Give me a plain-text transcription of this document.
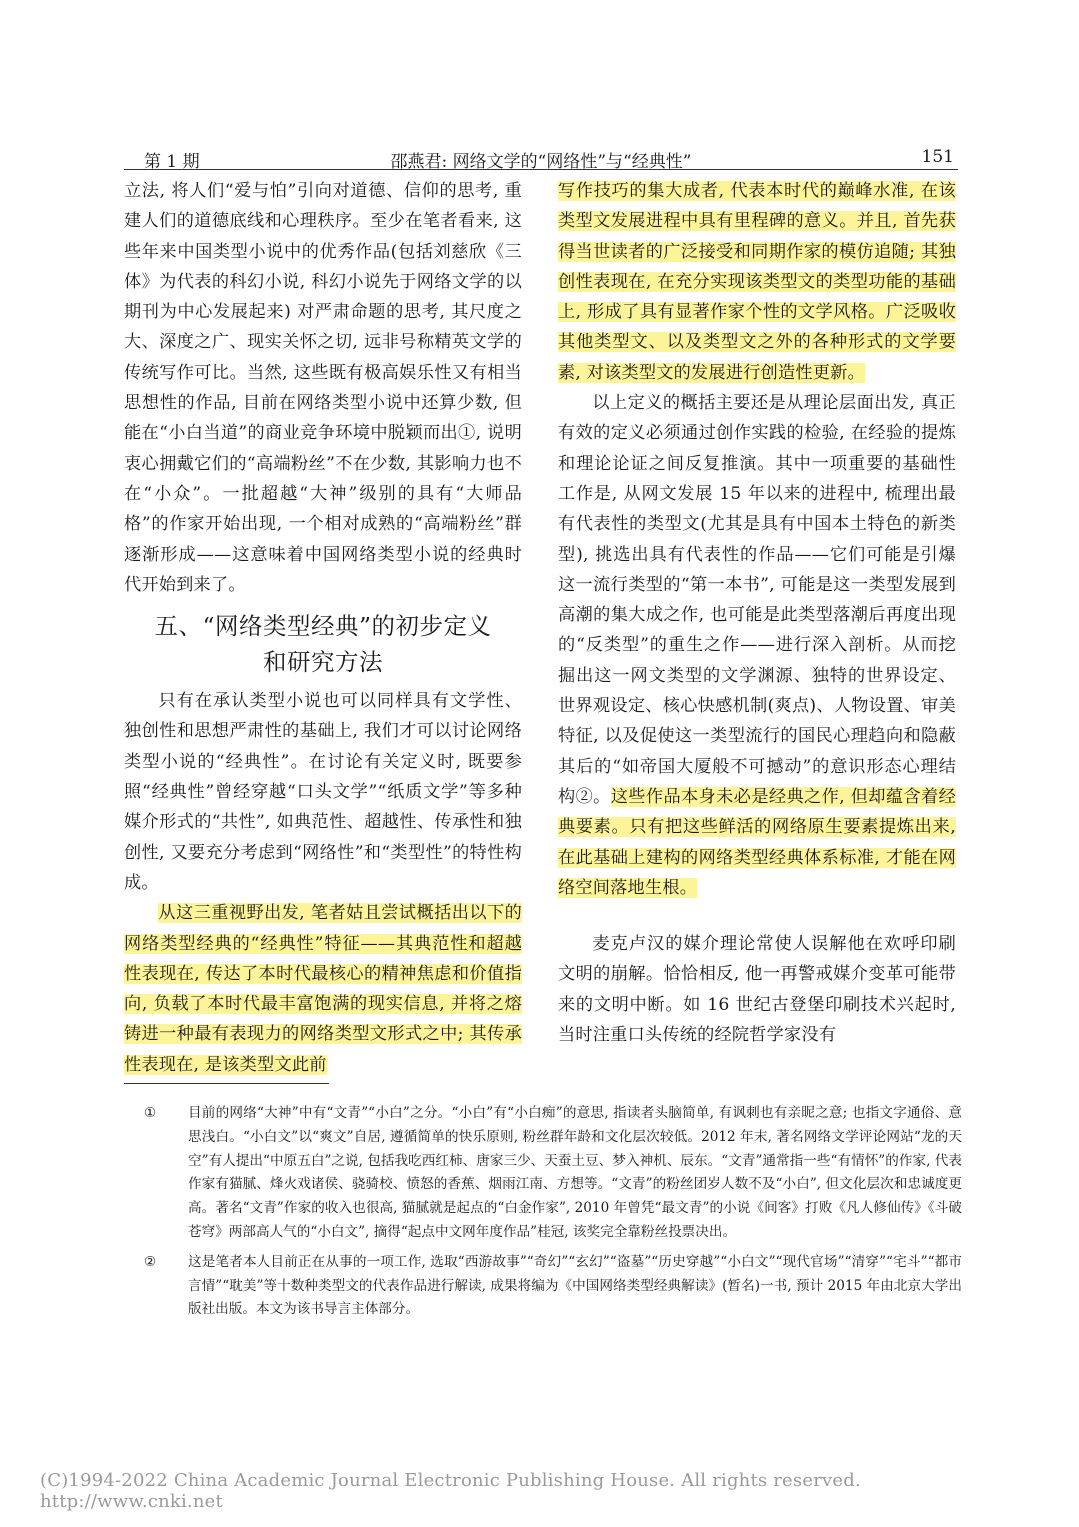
第 1 期	邵燕君: 网络文学的“网络性”与“经典性”	151

立法, 将人们“爱与怕”引向对道德、信仰的思考, 重建人们的道德底线和心理秩序。至少在笔者看来, 这些年来中国类型小说中的优秀作品(包括刘慈欣《三体》为代表的科幻小说, 科幻小说先于网络文学的以期刊为中心发展起来) 对严肃命题的思考, 其尺度之大、深度之广、现实关怀之切, 远非号称精英文学的传统写作可比。当然, 这些既有极高娱乐性又有相当思想性的作品, 目前在网络类型小说中还算少数, 但能在“小白当道”的商业竞争环境中脱颖而出①, 说明衷心拥戴它们的“高端粉丝”不在少数, 其影响力也不在“小众”。一批超越“大神”级别的具有“大师品格”的作家开始出现, 一个相对成熟的“高端粉丝”群逐渐形成——这意味着中国网络类型小说的经典时代开始到来了。

五、“网络类型经典”的初步定义
和研究方法

只有在承认类型小说也可以同样具有文学性、独创性和思想严肃性的基础上, 我们才可以讨论网络类型小说的“经典性”。在讨论有关定义时, 既要参照“经典性”曾经穿越“口头文学”“纸质文学”等多种媒介形式的“共性”, 如典范性、超越性、传承性和独创性, 又要充分考虑到“网络性”和“类型性”的特性构成。

从这三重视野出发, 笔者姑且尝试概括出以下的网络类型经典的“经典性”特征——其典范性和超越性表现在, 传达了本时代最核心的精神焦虑和价值指向, 负载了本时代最丰富饱满的现实信息, 并将之熔铸进一种最有表现力的网络类型文形式之中; 其传承性表现在, 是该类型文此前

写作技巧的集大成者, 代表本时代的巅峰水准, 在该类型文发展进程中具有里程碑的意义。并且, 首先获得当世读者的广泛接受和同期作家的模仿追随; 其独创性表现在, 在充分实现该类型文的类型功能的基础上, 形成了具有显著作家个性的文学风格。广泛吸收其他类型文、以及类型文之外的各种形式的文学要素, 对该类型文的发展进行创造性更新。

以上定义的概括主要还是从理论层面出发, 真正有效的定义必须通过创作实践的检验, 在经验的提炼和理论论证之间反复推演。其中一项重要的基础性工作是, 从网文发展 15 年以来的进程中, 梳理出最有代表性的类型文(尤其是具有中国本土特色的新类型), 挑选出具有代表性的作品——它们可能是引爆这一流行类型的“第一本书”, 可能是这一类型发展到高潮的集大成之作, 也可能是此类型落潮后再度出现的“反类型”的重生之作——进行深入剖析。从而挖掘出这一网文类型的文学渊源、独特的世界设定、世界观设定、核心快感机制(爽点)、人物设置、审美特征, 以及促使这一类型流行的国民心理趋向和隐蔽其后的“如帝国大厦般不可撼动”的意识形态心理结构②。这些作品本身未必是经典之作, 但却蕴含着经典要素。只有把这些鲜活的网络原生要素提炼出来, 在此基础上建构的网络类型经典体系标准, 才能在网络空间落地生根。

麦克卢汉的媒介理论常使人误解他在欢呼印刷文明的崩解。恰恰相反, 他一再警戒媒介变革可能带来的文明中断。如 16 世纪古登堡印刷技术兴起时, 当时注重口头传统的经院哲学家没有

① 目前的网络“大神”中有“文青”“小白”之分。“小白”有“小白痴”的意思, 指读者头脑简单, 有讽刺也有亲昵之意; 也指文字通俗、意思浅白。“小白文”以“爽文”自居, 遵循简单的快乐原则, 粉丝群年龄和文化层次较低。2012 年末, 著名网络文学评论网站“龙的天空”有人提出“中原五白”之说, 包括我吃西红柿、唐家三少、天蚕土豆、梦入神机、辰东。“文青”通常指一些“有情怀”的作家, 代表作家有猫腻、烽火戏诸侯、骁骑校、愤怒的香蕉、烟雨江南、方想等。“文青”的粉丝团岁人数不及“小白”, 但文化层次和忠诚度更高。著名“文青”作家的收入也很高, 猫腻就是起点的“白金作家”, 2010 年曾凭“最文青”的小说《间客》打败《凡人修仙传》《斗破苍穹》两部高人气的“小白文”, 摘得“起点中文网年度作品”桂冠, 该奖完全靠粉丝投票决出。
② 这是笔者本人目前正在从事的一项工作, 选取“西游故事”“奇幻”“玄幻”“盗墓”“历史穿越”“小白文”“现代官场”“清穿”“宅斗”“都市言情”“耽美”等十数种类型文的代表作品进行解读, 成果将编为《中国网络类型经典解读》(暂名)一书, 预计 2015 年由北京大学出版社出版。本文为该书导言主体部分。
(C)1994-2022 China Academic Journal Electronic Publishing House. All rights reserved. http://www.cnki.net
